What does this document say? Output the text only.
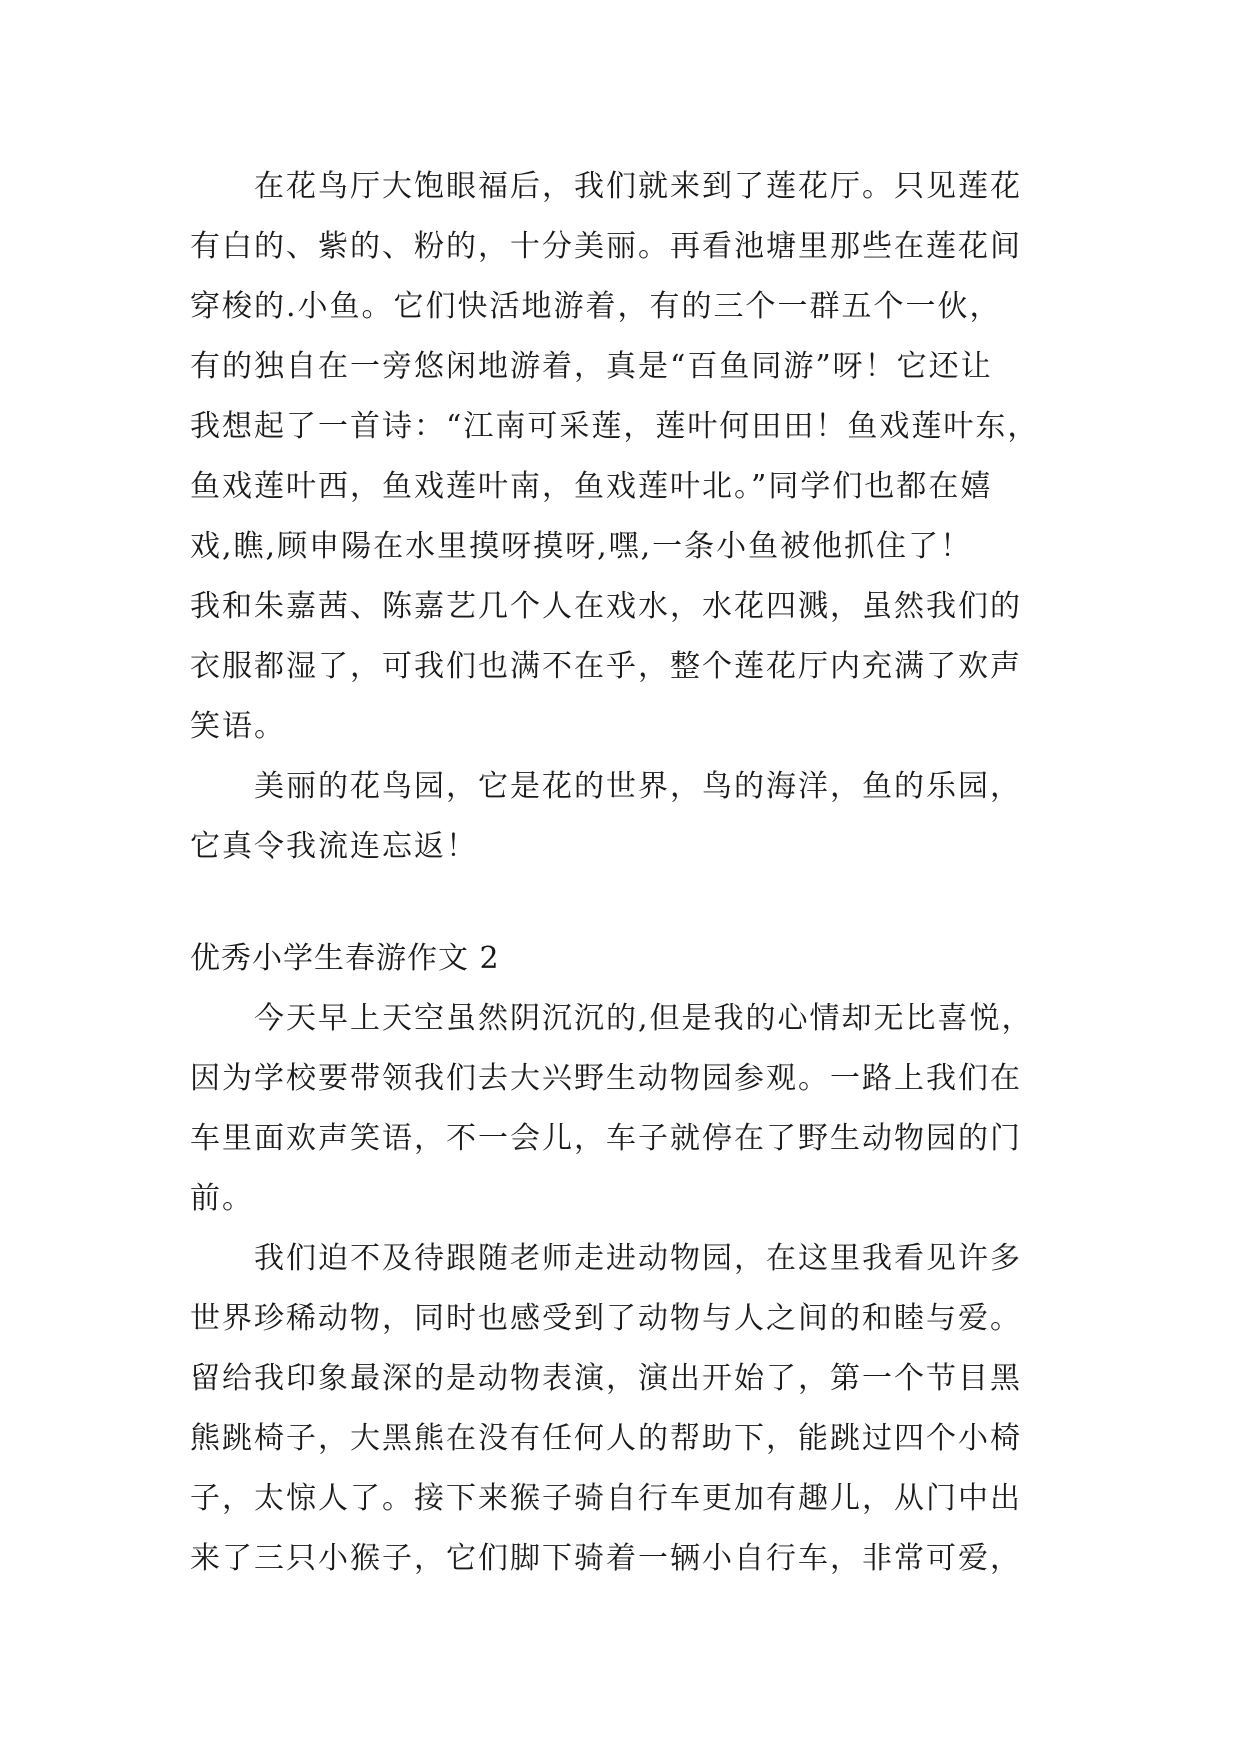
在花鸟厅大饱眼福后，我们就来到了莲花厅。只见莲花

有白的、紫的、粉的，十分美丽。再看池塘里那些在莲花间

穿梭的.小鱼。它们快活地游着，有的三个一群五个一伙，

有的独自在一旁悠闲地游着，真是“百鱼同游”呀！它还让

我想起了一首诗：“江南可采莲，莲叶何田田！鱼戏莲叶东，

鱼戏莲叶西，鱼戏莲叶南，鱼戏莲叶北。”同学们也都在嬉

戏,瞧,顾申陽在水里摸呀摸呀,嘿,一条小鱼被他抓住了！

我和朱嘉茜、陈嘉艺几个人在戏水，水花四溅，虽然我们的

衣服都湿了，可我们也满不在乎，整个莲花厅内充满了欢声

笑语。

美丽的花鸟园，它是花的世界，鸟的海洋，鱼的乐园，

它真令我流连忘返！

优秀小学生春游作文 2

今天早上天空虽然阴沉沉的,但是我的心情却无比喜悦，

因为学校要带领我们去大兴野生动物园参观。一路上我们在

车里面欢声笑语，不一会儿，车子就停在了野生动物园的门

前。

我们迫不及待跟随老师走进动物园，在这里我看见许多

世界珍稀动物，同时也感受到了动物与人之间的和睦与爱。

留给我印象最深的是动物表演，演出开始了，第一个节目黑

熊跳椅子，大黑熊在没有任何人的帮助下，能跳过四个小椅

子，太惊人了。接下来猴子骑自行车更加有趣儿，从门中出

来了三只小猴子，它们脚下骑着一辆小自行车，非常可爱，
